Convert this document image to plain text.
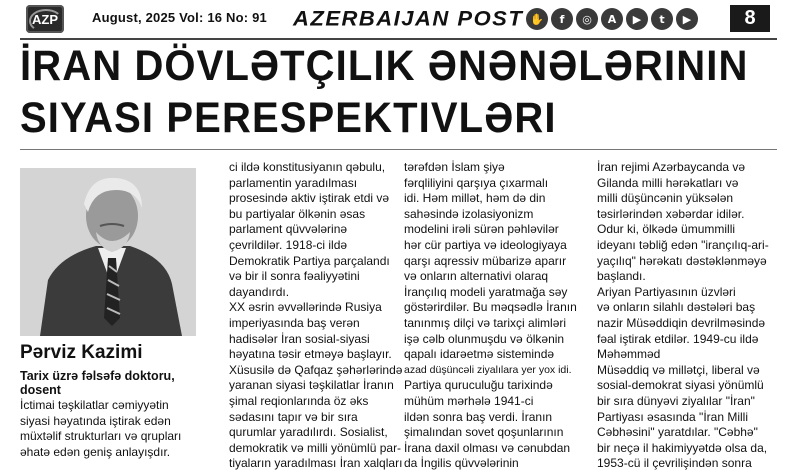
AZP	August, 2025 Vol: 16 No: 91 AZERBAIJAN POST ✋	f	◎	A	▶	t	▶	8
İRAN DÖVLƏTÇILIK ƏNƏNƏLƏRININ
SIYASI PERESPEKTIVLƏRI
Pərviz Kazimi
Tarix üzrə fəlsəfə doktoru,
dosent
İctimai təşkilatlar cəmiyyətin
siyasi həyatında iştirak edən
müxtəlif strukturları və qrupları
əhatə edən geniş anlayışdır.
ci ildə konstitusiyanın qəbulu,
parlamentin yaradılması
prosesində aktiv iştirak etdi və
bu partiyalar ölkənin əsas
parlament qüvvələrinə
çevrildilər. 1918-ci ildə
Demokratik Partiya parçalandı
və bir il sonra fəaliyyətini
dayandırdı.
XX əsrin əvvəllərində Rusiya
imperiyasında baş verən
hadisələr İran sosial-siyasi
həyatına təsir etməyə başlayır.
Xüsusilə də Qafqaz şəhərlərində
yaranan siyasi təşkilatlar İranın
şimal reqionlarında öz əks
sədasını tapır və bir sıra
qurumlar yaradılırdı. Sosialist,
demokratik və milli yönümlü par-
tiyaların yaradılması İran xalqları
tərəfdən İslam şiyə
fərqliliyini qarşıya çıxarmalı
idi. Həm millət, həm də din
sahəsində izolasiyonizm
modelini irəli sürən pəhləvilər
hər cür partiya və ideologiyaya
qarşı aqressiv mübarizə aparır
və onların alternativi olaraq
İrançılıq modeli yaratmağa səy
göstərirdilər. Bu məqsədlə İranın
tanınmış dilçi və tarixçi alimləri
işə cəlb olunmuşdu və ölkənin
qapalı idarəetmə sistemində
azad düşüncəli ziyalılara yer yox idi.
Partiya quruculuğu tarixində
mühüm mərhələ 1941-ci
ildən sonra baş verdi. İranın
şimalından sovet qoşunlarının
İrana daxil olması və cənubdan
da İngilis qüvvələrinin
İran rejimi Azərbaycanda və
Gilanda milli hərəkatları və
milli düşüncənin yüksələn
təsirlərindən xəbərdar idilər.
Odur ki, ölkədə ümummilli
ideyanı təbliğ edən "irançılıq-ari-
yaçılıq" hərəkatı dəstəklənməyə
başlandı.
Ariyan Partiyasının üzvləri
və onların silahlı dəstələri baş
nazir Müsəddiqin devrilməsində
fəal iştirak etdilər. 1949-cu ildə
Məhəmməd
Müsəddiq və millətçi, liberal və
sosial-demokrat siyasi yönümlü
bir sıra dünyəvi ziyalılar "İran"
Partiyası əsasında "İran Milli
Cəbhəsini" yaratdılar. "Cəbhə"
bir neçə il hakimiyyətdə olsa da,
1953-cü il çevrilişindən sonra
